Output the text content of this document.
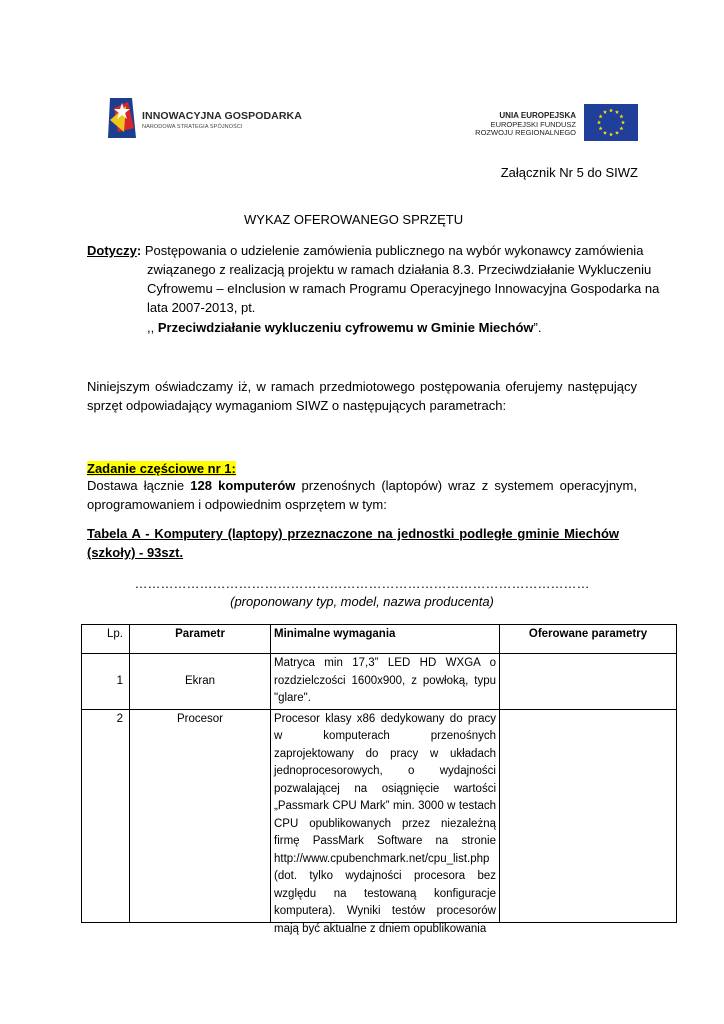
INNOWACYJNA GOSPODARKA
NARODOWA STRATEGIA SPÓJNOŚCI
UNIA EUROPEJSKA
EUROPEJSKI FUNDUSZ
ROZWOJU REGIONALNEGO
Załącznik Nr 5 do SIWZ
WYKAZ OFEROWANEGO SPRZĘTU
Dotyczy: Postępowania o udzielenie zamówienia publicznego na wybór wykonawcy zamówienia
związanego z realizacją projektu w ramach działania 8.3. Przeciwdziałanie Wykluczeniu
Cyfrowemu – eInclusion w ramach Programu Operacyjnego Innowacyjna Gospodarka na
lata 2007-2013, pt.
,, Przeciwdziałanie wykluczeniu cyfrowemu w Gminie Miechów”.
Niniejszym oświadczamy iż, w ramach przedmiotowego postępowania oferujemy następujący sprzęt odpowiadający wymaganiom SIWZ o następujących parametrach:
Zadanie częściowe nr 1:
Dostawa łącznie 128 komputerów przenośnych (laptopów) wraz z systemem operacyjnym, oprogramowaniem i odpowiednim osprzętem w tym:
Tabela A - Komputery (laptopy) przeznaczone na jednostki podległe gminie Miechów (szkoły) - 93szt.
……………………………………………………………………………………………
(proponowany typ, model, nazwa producenta)
Lp.	Parametr	Minimalne wymagania	Oferowane parametry
1	Ekran	Matryca min 17,3” LED HD WXGA o rozdzielczości 1600x900, z powłoką, typu "glare".	
2	Procesor	Procesor klasy x86 dedykowany do pracy w komputerach przenośnych zaprojektowany do pracy w układach jednoprocesorowych, o wydajności pozwalającej na osiągnięcie wartości „Passmark CPU Mark” min. 3000 w testach CPU opublikowanych przez niezależną firmę PassMark Software na stronie http://www.cpubenchmark.net/cpu_list.php (dot. tylko wydajności procesora bez względu na testowaną konfiguracje komputera). Wyniki testów procesorów mają być aktualne z dniem opublikowania	
